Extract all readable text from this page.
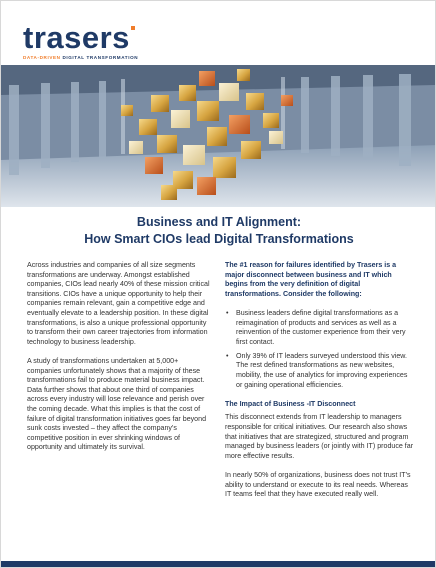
trasers
DATA-DRIVEN DIGITAL TRANSFORMATION
Business and IT Alignment:
How Smart CIOs lead Digital Transformations

Across industries and companies of all size segments transformations are underway. Amongst established companies, CIOs lead nearly 40% of these mission critical transitions. CIOs have a unique opportunity to help their companies remain relevant, gain a competitive edge and eventually elevate to a leadership position. In these digital transformations, is also a unique professional opportunity to transform their own career trajectories from information technology to business leadership.

A study of transformations undertaken at 5,000+ companies unfortunately shows that a majority of these transformations fail to produce material business impact. Data further shows that about one third of companies across every industry will lose relevance and perish over the coming decade. What this implies is that the cost of failure of digital transformation initiatives goes far beyond sunk costs invested – they affect the company's competitive position in ever shrinking windows of opportunity and ultimately its survival.

The #1 reason for failures identified by Trasers is a major disconnect between business and IT which begins from the very definition of digital transformations. Consider the following:

• Business leaders define digital transformations as a reimagination of products and services as well as a reinvention of the customer experience from their very first contact.
• Only 39% of IT leaders surveyed understood this view. The rest defined transformations as new websites, mobility, the use of analytics for improving experiences or gaining operational efficiencies.

The Impact of Business -IT Disconnect

This disconnect extends from IT leadership to managers responsible for critical initiatives. Our research also shows that initiatives that are strategized, structured and program managed by business leaders (or jointly with IT) produce far more effective results.

In nearly 50% of organizations, business does not trust IT's ability to understand or execute to its real needs. Whereas IT teams feel that they have executed really well.
